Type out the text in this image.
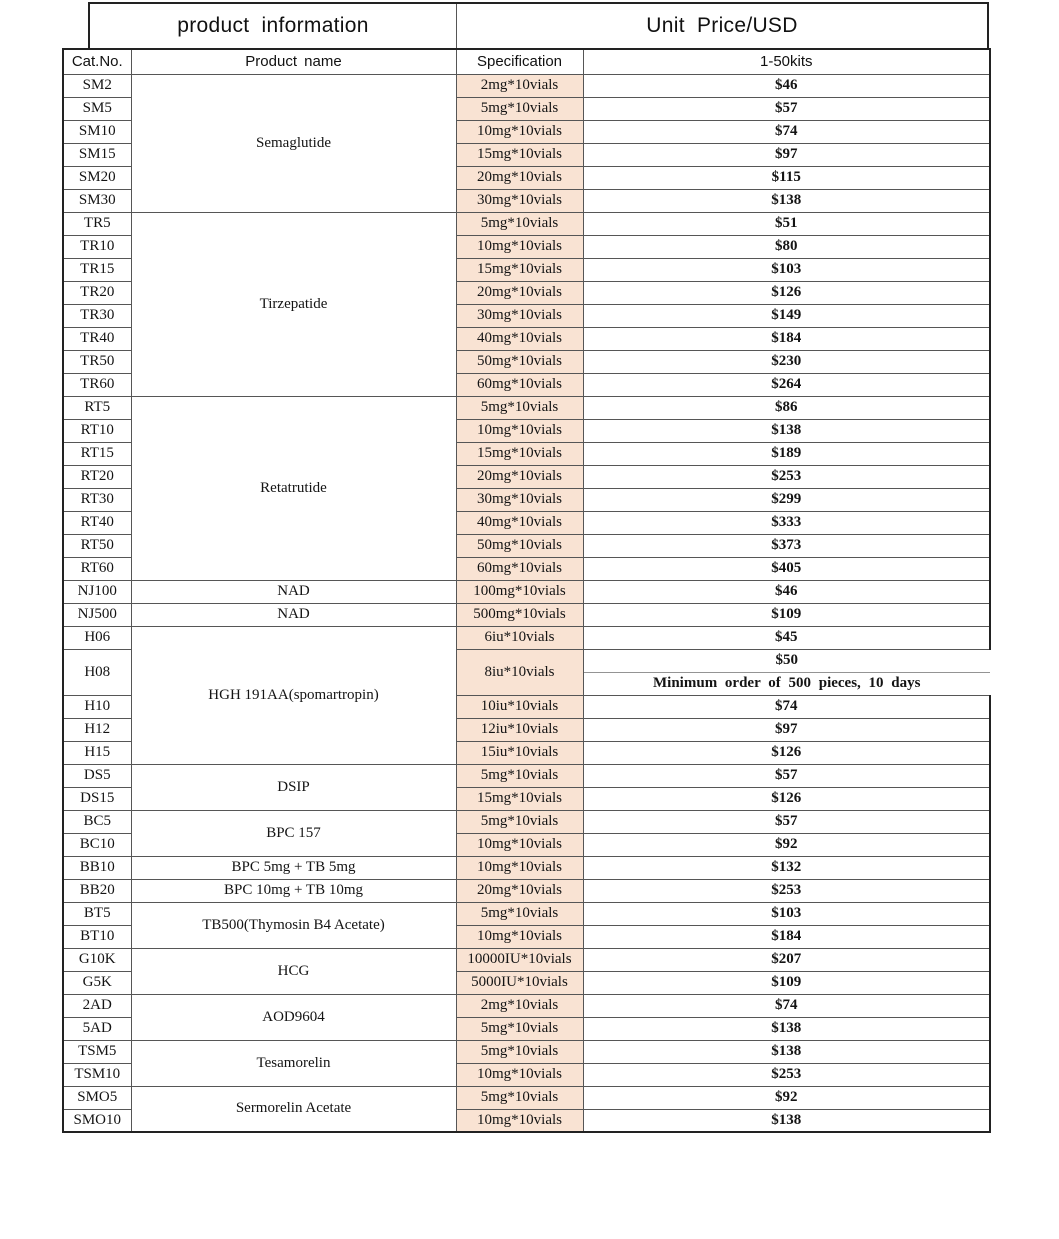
product information	Unit Price/USD
Cat.No.	Product name	Specification	1-50kits
SM2	Semaglutide	2mg*10vials	$46
SM5		5mg*10vials	$57
SM10		10mg*10vials	$74
SM15		15mg*10vials	$97
SM20		20mg*10vials	$115
SM30		30mg*10vials	$138
TR5	Tirzepatide	5mg*10vials	$51
TR10		10mg*10vials	$80
TR15		15mg*10vials	$103
TR20		20mg*10vials	$126
TR30		30mg*10vials	$149
TR40		40mg*10vials	$184
TR50		50mg*10vials	$230
TR60		60mg*10vials	$264
RT5	Retatrutide	5mg*10vials	$86
RT10		10mg*10vials	$138
RT15		15mg*10vials	$189
RT20		20mg*10vials	$253
RT30		30mg*10vials	$299
RT40		40mg*10vials	$333
RT50		50mg*10vials	$373
RT60		60mg*10vials	$405
NJ100	NAD	100mg*10vials	$46
NJ500	NAD	500mg*10vials	$109
H06	HGH 191AA(spomartropin)	6iu*10vials	$45
H08		8iu*10vials	$50
			Minimum order of 500 pieces, 10 days
H10		10iu*10vials	$74
H12		12iu*10vials	$97
H15		15iu*10vials	$126
DS5	DSIP	5mg*10vials	$57
DS15		15mg*10vials	$126
BC5	BPC 157	5mg*10vials	$57
BC10		10mg*10vials	$92
BB10	BPC 5mg + TB 5mg	10mg*10vials	$132
BB20	BPC 10mg + TB 10mg	20mg*10vials	$253
BT5	TB500(Thymosin B4 Acetate)	5mg*10vials	$103
BT10		10mg*10vials	$184
G10K	HCG	10000IU*10vials	$207
G5K		5000IU*10vials	$109
2AD	AOD9604	2mg*10vials	$74
5AD		5mg*10vials	$138
TSM5	Tesamorelin	5mg*10vials	$138
TSM10		10mg*10vials	$253
SMO5	Sermorelin Acetate	5mg*10vials	$92
SMO10		10mg*10vials	$138
